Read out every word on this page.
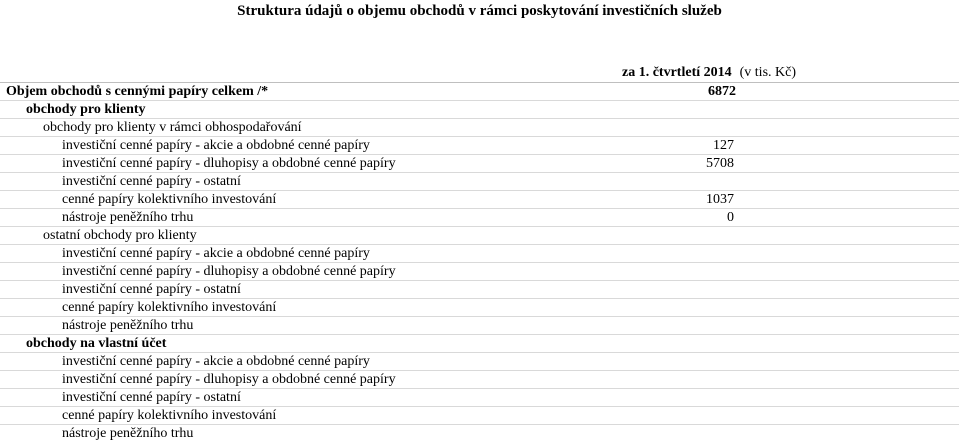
Struktura údajů o objemu obchodů v rámci poskytování investičních služeb
za 1. čtvrtletí 2014 (v tis. Kč)
Objem obchodů s cennými papíry celkem /*	6872
obchody pro klienty
obchody pro klienty v rámci obhospodařování
investiční cenné papíry - akcie a obdobné cenné papíry	127
investiční cenné papíry - dluhopisy a obdobné cenné papíry	5708
investiční cenné papíry - ostatní
cenné papíry kolektivního investování	1037
nástroje peněžního trhu	0
ostatní obchody pro klienty
investiční cenné papíry - akcie a obdobné cenné papíry
investiční cenné papíry - dluhopisy a obdobné cenné papíry
investiční cenné papíry - ostatní
cenné papíry kolektivního investování
nástroje peněžního trhu
obchody na vlastní účet
investiční cenné papíry - akcie a obdobné cenné papíry
investiční cenné papíry - dluhopisy a obdobné cenné papíry
investiční cenné papíry - ostatní
cenné papíry kolektivního investování
nástroje peněžního trhu
